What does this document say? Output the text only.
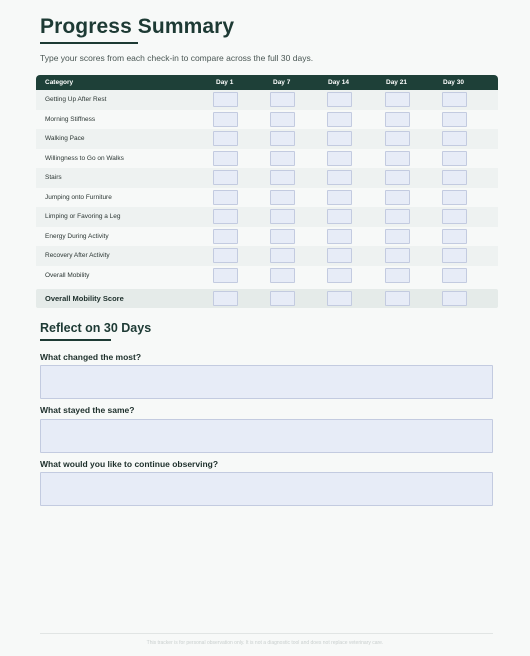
Progress Summary
Type your scores from each check-in to compare across the full 30 days.
Category	Day 1	Day 7	Day 14	Day 21	Day 30
Getting Up After Rest
Morning Stiffness
Walking Pace
Willingness to Go on Walks
Stairs
Jumping onto Furniture
Limping or Favoring a Leg
Energy During Activity
Recovery After Activity
Overall Mobility
Overall Mobility Score
Reflect on 30 Days
What changed the most?
What stayed the same?
What would you like to continue observing?
This tracker is for personal observation only. It is not a diagnostic tool and does not replace veterinary care.
